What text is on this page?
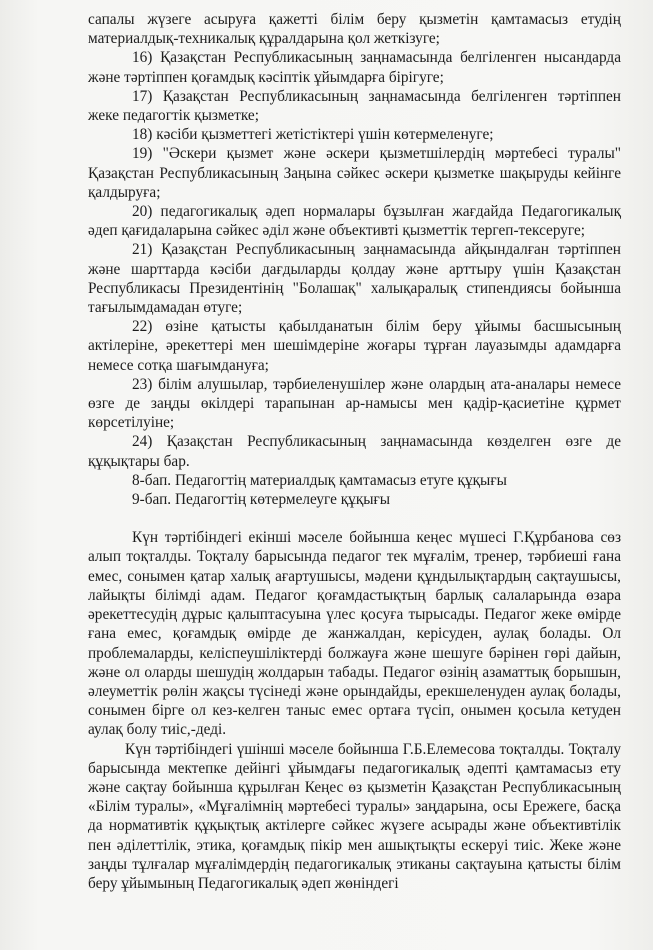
сапалы жүзеге асыруға қажетті білім беру қызметін қамтамасыз етудің материалдық-техникалық құралдарына қол жеткізуге;

16) Қазақстан Республикасының заңнамасында белгіленген нысандарда және тәртіппен қоғамдық кәсіптік ұйымдарға бірігуге;

17) Қазақстан Республикасының заңнамасында белгіленген тәртіппен жеке педагогтік қызметке;

18) кәсіби қызметтегі жетістіктері үшін көтермеленуге;

19) "Әскери қызмет және әскери қызметшілердің мәртебесі туралы" Қазақстан Республикасының Заңына сәйкес әскери қызметке шақыруды кейінге қалдыруға;

20) педагогикалық әдеп нормалары бұзылған жағдайда Педагогикалық әдеп қағидаларына сәйкес әділ және объективті қызметтік тергеп-тексеруге;

21) Қазақстан Республикасының заңнамасында айқындалған тәртіппен және шарттарда кәсіби дағдыларды қолдау және арттыру үшін Қазақстан Республикасы Президентінің "Болашақ" халықаралық стипендиясы бойынша тағылымдамадан өтуге;

22) өзіне қатысты қабылданатын білім беру ұйымы басшысының актілеріне, әрекеттері мен шешімдеріне жоғары тұрған лауазымды адамдарға немесе сотқа шағымдануға;

23) білім алушылар, тәрбиеленушілер және олардың ата-аналары немесе өзге де заңды өкілдері тарапынан ар-намысы мен қадір-қасиетіне құрмет көрсетілуіне;

24) Қазақстан Республикасының заңнамасында көзделген өзге де құқықтары бар.

8-бап. Педагогтің материалдық қамтамасыз етуге құқығы

9-бап. Педагогтің көтермелеуге құқығы

Күн тәртібіндегі екінші мәселе бойынша кеңес мүшесі Г.Құрбанова сөз алып тоқталды. Тоқталу барысында педагог тек мұғалім, тренер, тәрбиеші ғана емес, сонымен қатар халық ағартушысы, мәдени құндылықтардың сақтаушысы, лайықты білімді адам. Педагог қоғамдастықтың барлық салаларында өзара әрекеттесудің дұрыс қалыптасуына үлес қосуға тырысады. Педагог жеке өмірде ғана емес, қоғамдық өмірде де жанжалдан, керісуден, аулақ болады. Ол проблемаларды, келіспеушіліктерді болжауға және шешуге бәрінен гөрі дайын, және ол оларды шешудің жолдарын табады. Педагог өзінің азаматтық борышын, әлеуметтік рөлін жақсы түсінеді және орындайды, ерекшеленуден аулақ болады, сонымен бірге ол кез-келген таныс емес ортаға түсіп, онымен қосыла кетуден аулақ болу тиіс,-деді.

Күн тәртібіндегі үшінші мәселе бойынша Г.Б.Елемесова тоқталды. Тоқталу барысында мектепке дейінгі ұйымдағы педагогикалық әдепті қамтамасыз ету және сақтау бойынша құрылған Кеңес өз қызметін Қазақстан Республикасының «Білім туралы», «Мұғалімнің мәртебесі туралы» заңдарына, осы Ережеге, басқа да нормативтік құқықтық актілерге сәйкес жүзеге асырады және объективтілік пен әділеттілік, этика, қоғамдық пікір мен ашықтықты ескеруі тиіс. Жеке және заңды тұлғалар мұғалімдердің педагогикалық этиканы сақтауына қатысты білім беру ұйымының Педагогикалық әдеп жөніндегі
